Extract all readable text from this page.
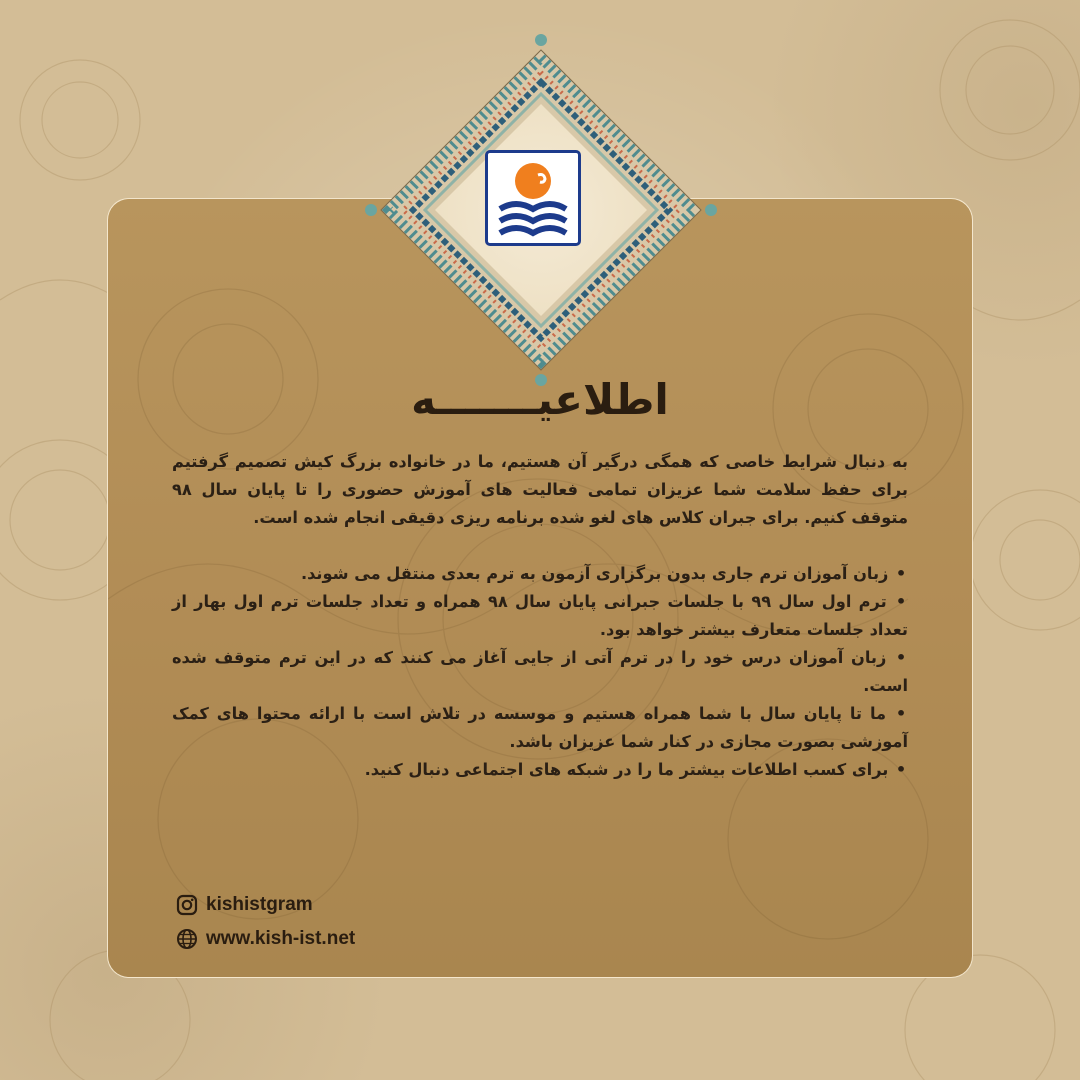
اطلاعیـــــــه

به دنبال شرایط خاصی که همگی درگیر آن هستیم، ما در خانواده بزرگ کیش تصمیم گرفتیم برای حفظ سلامت شما عزیزان تمامی فعالیت های آموزش حضوری را تا پایان سال ۹۸ متوقف کنیم. برای جبران کلاس های لغو شده برنامه ریزی دقیقی انجام شده است.

• زبان آموزان ترم جاری بدون برگزاری آزمون به ترم بعدی منتقل می شوند.
• ترم اول سال ۹۹ با جلسات جبرانی پایان سال ۹۸ همراه و تعداد جلسات ترم اول بهار از تعداد جلسات متعارف بیشتر خواهد بود.
• زبان آموزان درس خود را در ترم آتی از جایی آغاز می کنند که در این ترم متوقف شده است.
• ما تا پایان سال با شما همراه هستیم و موسسه در تلاش است با ارائه محتوا های کمک آموزشی بصورت مجازی در کنار شما عزیزان باشد.
• برای کسب اطلاعات بیشتر ما را در شبکه های اجتماعی دنبال کنید.
kishistgram
www.kish-ist.net
